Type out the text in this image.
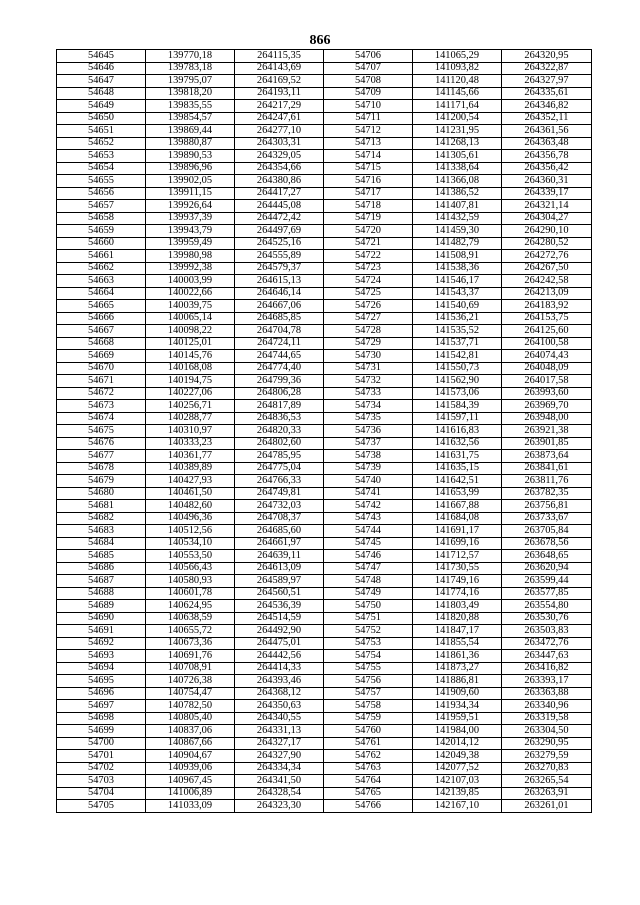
866
54645	139770,18	264115,35	54706	141065,29	264320,95
54646	139783,18	264143,69	54707	141093,82	264322,87
54647	139795,07	264169,52	54708	141120,48	264327,97
54648	139818,20	264193,11	54709	141145,66	264335,61
54649	139835,55	264217,29	54710	141171,64	264346,82
54650	139854,57	264247,61	54711	141200,54	264352,11
54651	139869,44	264277,10	54712	141231,95	264361,56
54652	139880,87	264303,31	54713	141268,13	264363,48
54653	139890,53	264329,05	54714	141305,61	264356,78
54654	139896,96	264354,66	54715	141338,64	264356,42
54655	139902,05	264380,86	54716	141366,08	264360,31
54656	139911,15	264417,27	54717	141386,52	264339,17
54657	139926,64	264445,08	54718	141407,81	264321,14
54658	139937,39	264472,42	54719	141432,59	264304,27
54659	139943,79	264497,69	54720	141459,30	264290,10
54660	139959,49	264525,16	54721	141482,79	264280,52
54661	139980,98	264555,89	54722	141508,91	264272,76
54662	139992,38	264579,37	54723	141538,36	264267,50
54663	140003,99	264615,13	54724	141546,17	264242,58
54664	140022,66	264646,14	54725	141543,37	264213,09
54665	140039,75	264667,06	54726	141540,69	264183,92
54666	140065,14	264685,85	54727	141536,21	264153,75
54667	140098,22	264704,78	54728	141535,52	264125,60
54668	140125,01	264724,11	54729	141537,71	264100,58
54669	140145,76	264744,65	54730	141542,81	264074,43
54670	140168,08	264774,40	54731	141550,73	264048,09
54671	140194,75	264799,36	54732	141562,90	264017,58
54672	140227,06	264806,28	54733	141573,06	263993,60
54673	140256,71	264817,89	54734	141584,39	263969,70
54674	140288,77	264836,53	54735	141597,11	263948,00
54675	140310,97	264820,33	54736	141616,83	263921,38
54676	140333,23	264802,60	54737	141632,56	263901,85
54677	140361,77	264785,95	54738	141631,75	263873,64
54678	140389,89	264775,04	54739	141635,15	263841,61
54679	140427,93	264766,33	54740	141642,51	263811,76
54680	140461,50	264749,81	54741	141653,99	263782,35
54681	140482,60	264732,03	54742	141667,88	263756,81
54682	140496,36	264708,37	54743	141684,08	263733,67
54683	140512,56	264685,60	54744	141691,17	263705,84
54684	140534,10	264661,97	54745	141699,16	263678,56
54685	140553,50	264639,11	54746	141712,57	263648,65
54686	140566,43	264613,09	54747	141730,55	263620,94
54687	140580,93	264589,97	54748	141749,16	263599,44
54688	140601,78	264560,51	54749	141774,16	263577,85
54689	140624,95	264536,39	54750	141803,49	263554,80
54690	140638,59	264514,59	54751	141820,88	263530,76
54691	140655,72	264492,90	54752	141847,17	263503,83
54692	140673,36	264475,01	54753	141855,54	263472,76
54693	140691,76	264442,56	54754	141861,36	263447,63
54694	140708,91	264414,33	54755	141873,27	263416,82
54695	140726,38	264393,46	54756	141886,81	263393,17
54696	140754,47	264368,12	54757	141909,60	263363,88
54697	140782,50	264350,63	54758	141934,34	263340,96
54698	140805,40	264340,55	54759	141959,51	263319,58
54699	140837,06	264331,13	54760	141984,00	263304,50
54700	140867,66	264327,17	54761	142014,12	263290,95
54701	140904,67	264327,90	54762	142049,38	263279,59
54702	140939,06	264334,34	54763	142077,52	263270,83
54703	140967,45	264341,50	54764	142107,03	263265,54
54704	141006,89	264328,54	54765	142139,85	263263,91
54705	141033,09	264323,30	54766	142167,10	263261,01
